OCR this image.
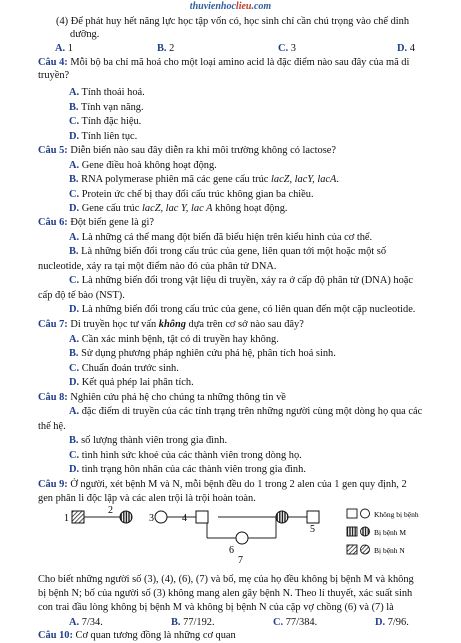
thuvienhoclieu.com
(4) Để phát huy hết năng lực học tập vốn có, học sinh chỉ cần chú trọng vào chế dinh
dưỡng.
A. 1	B. 2	C. 3	D. 4
Câu 4: Mỗi bộ ba chỉ mã hoá cho một loại amino acid là đặc điểm nào sau đây của mã di
truyền?
A. Tính thoái hoá.
B. Tính vạn năng.
C. Tính đặc hiệu.
D. Tính liên tục.
Câu 5: Diễn biến nào sau đây diễn ra khi môi trường không có lactose?
A. Gene điều hoà không hoạt động.
B. RNA polymerase phiên mã các gene cấu trúc lacZ, lacY, lacA.
C. Protein ức chế bị thay đổi cấu trúc không gian ba chiều.
D. Gene cấu trúc lacZ, lac Y, lac A không hoạt động.
Câu 6: Đột biến gene là gì?
A. Là những cá thể mang đột biến đã biểu hiện trên kiểu hình của cơ thể.
B. Là những biến đổi trong cấu trúc của gene, liên quan tới một hoặc một số
nucleotide, xảy ra tại một điểm nào đó của phân tử DNA.
C. Là những biến đổi trong vật liệu di truyền, xảy ra ở cấp độ phân tử (DNA) hoặc
cấp độ tế bào (NST).
D. Là những biến đổi trong cấu trúc của gene, có liên quan đến một cặp nucleotide.
Câu 7: Di truyền học tư vấn không dựa trên cơ sở nào sau đây?
A. Cần xác minh bệnh, tật có di truyền hay không.
B. Sử dụng phương pháp nghiên cứu phả hệ, phân tích hoá sinh.
C. Chuẩn đoán trước sinh.
D. Kết quả phép lai phân tích.
Câu 8: Nghiên cứu phả hệ cho chúng ta những thông tin về
A. đặc điểm di truyền của các tính trạng trên những người cùng một dòng họ qua các
thế hệ.
B. số lượng thành viên trong gia đình.
C. tình hình sức khoẻ của các thành viên trong dòng họ.
D. tình trạng hôn nhân của các thành viên trong gia đình.
Câu 9: Ở người, xét bệnh M và N, mỗi bệnh đều do 1 trong 2 alen của 1 gen quy định, 2
gen phân li độc lập và các alen trội là trội hoàn toàn.
1
2
3	4
5
6
7
Không bị bệnh
Bị bệnh M
Bị bệnh N
Cho biết những người số (3), (4), (6), (7) và bố, mẹ của họ đều không bị bệnh M và không
bị bệnh N; bố của người số (3) không mang alen gây bệnh N. Theo lí thuyết, xác suất sinh
con trai đầu lòng không bị bệnh M và không bị bệnh N của cặp vợ chồng (6) và (7) là
A. 7/34.	B. 77/192.	C. 77/384.	D. 7/96.
Câu 10: Cơ quan tương đồng là những cơ quan
